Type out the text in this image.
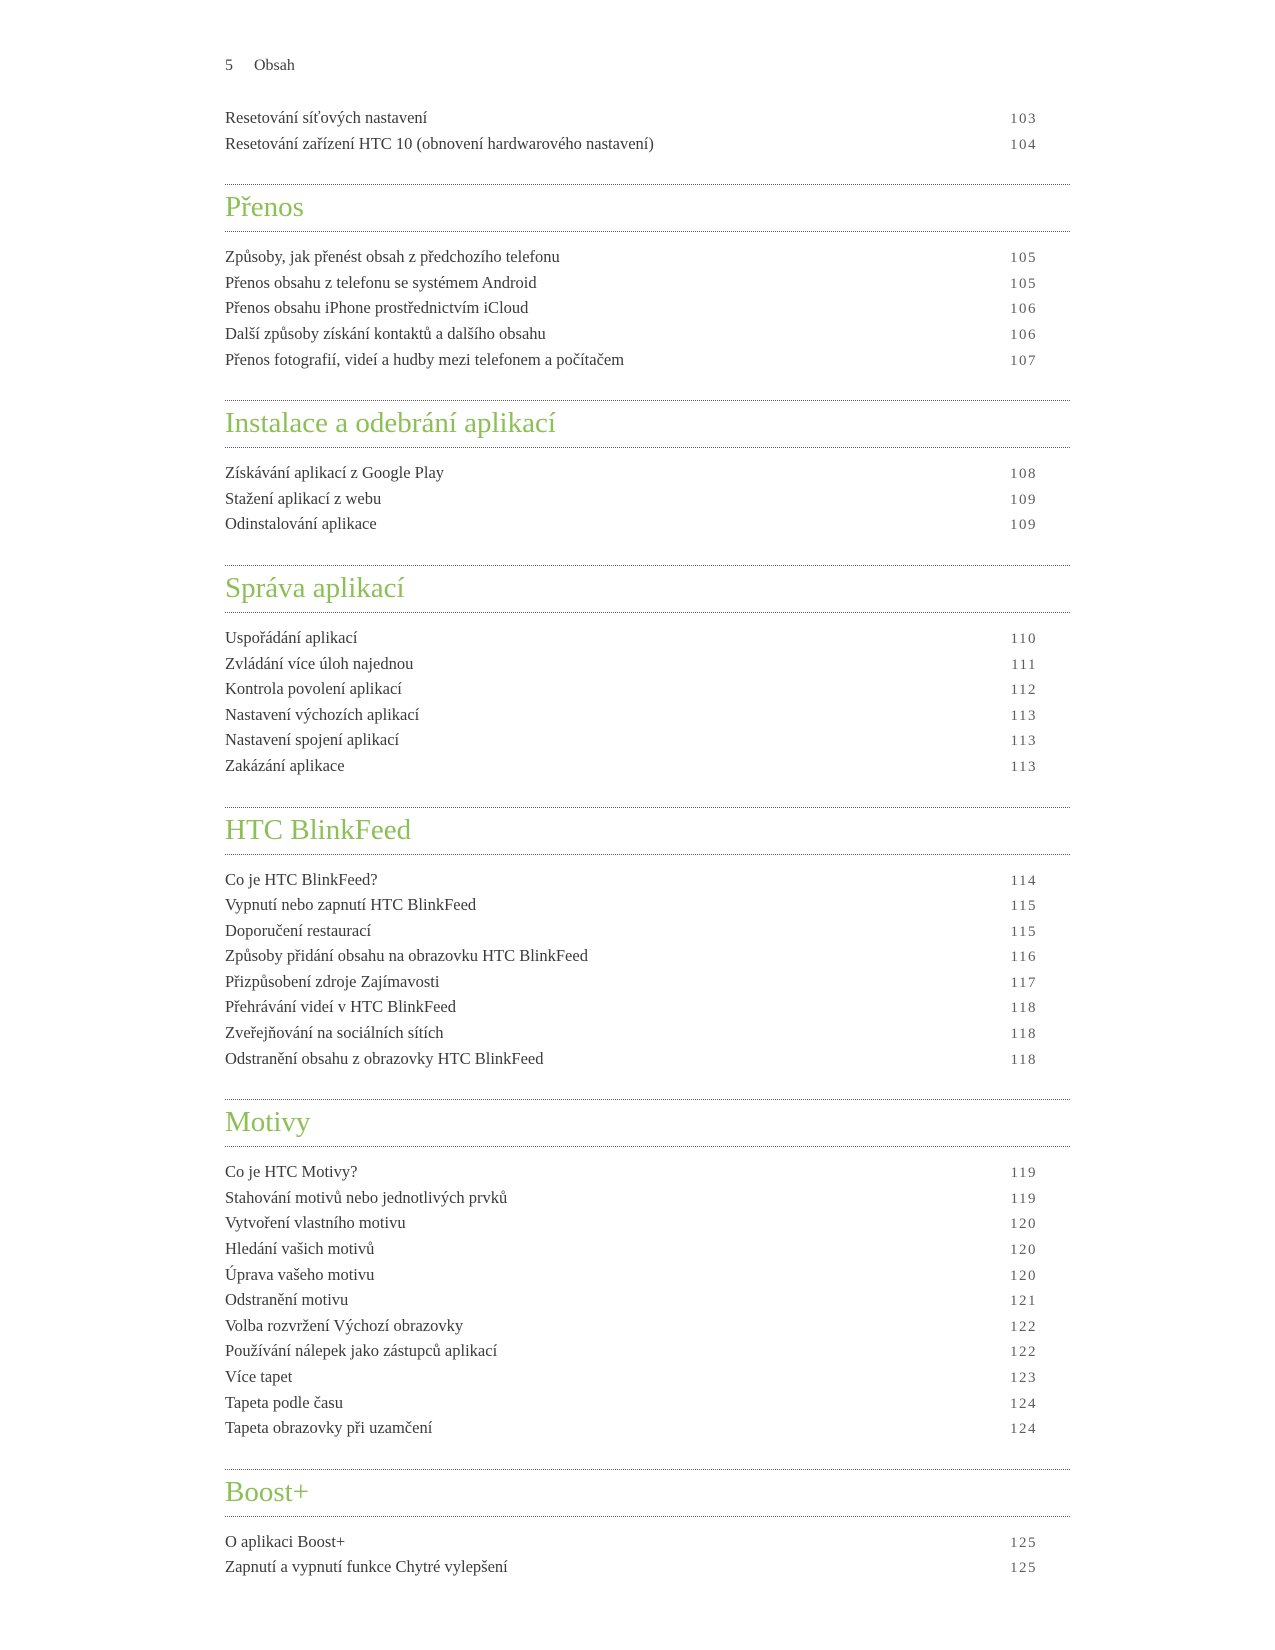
5 Obsah
Resetování síťových nastavení	103
Resetování zařízení HTC 10 (obnovení hardwarového nastavení)	104
Přenos
Způsoby, jak přenést obsah z předchozího telefonu	105
Přenos obsahu z telefonu se systémem Android	105
Přenos obsahu iPhone prostřednictvím iCloud	106
Další způsoby získání kontaktů a dalšího obsahu	106
Přenos fotografií, videí a hudby mezi telefonem a počítačem	107
Instalace a odebrání aplikací
Získávání aplikací z Google Play	108
Stažení aplikací z webu	109
Odinstalování aplikace	109
Správa aplikací
Uspořádání aplikací	110
Zvládání více úloh najednou	111
Kontrola povolení aplikací	112
Nastavení výchozích aplikací	113
Nastavení spojení aplikací	113
Zakázání aplikace	113
HTC BlinkFeed
Co je HTC BlinkFeed?	114
Vypnutí nebo zapnutí HTC BlinkFeed	115
Doporučení restaurací	115
Způsoby přidání obsahu na obrazovku HTC BlinkFeed	116
Přizpůsobení zdroje Zajímavosti	117
Přehrávání videí v HTC BlinkFeed	118
Zveřejňování na sociálních sítích	118
Odstranění obsahu z obrazovky HTC BlinkFeed	118
Motivy
Co je HTC Motivy?	119
Stahování motivů nebo jednotlivých prvků	119
Vytvoření vlastního motivu	120
Hledání vašich motivů	120
Úprava vašeho motivu	120
Odstranění motivu	121
Volba rozvržení Výchozí obrazovky	122
Používání nálepek jako zástupců aplikací	122
Více tapet	123
Tapeta podle času	124
Tapeta obrazovky při uzamčení	124
Boost+
O aplikaci Boost+	125
Zapnutí a vypnutí funkce Chytré vylepšení	125
